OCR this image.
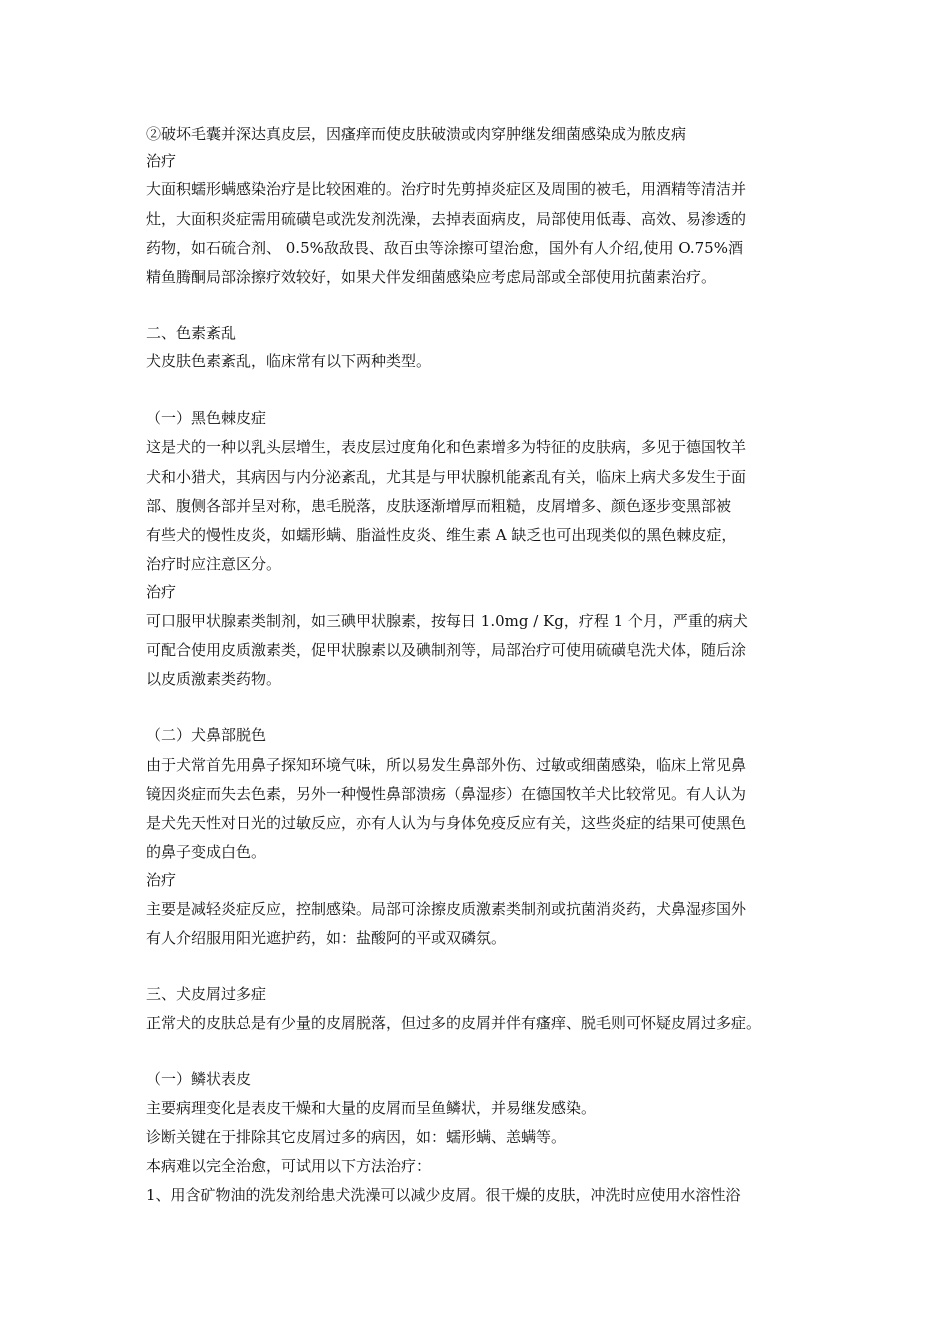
②破坏毛囊并深达真皮层，因瘙痒而使皮肤破溃或肉穿肿继发细菌感染成为脓皮病

治疗

大面积蠕形螨感染治疗是比较困难的。治疗时先剪掉炎症区及周围的被毛，用酒精等清洁并

灶，大面积炎症需用硫磺皂或洗发剂洗澡，去掉表面病皮，局部使用低毒、高效、易渗透的

药物，如石硫合剂、 0.5%敌敌畏、敌百虫等涂擦可望治愈，国外有人介绍,使用 O.75%酒

精鱼腾酮局部涂擦疗效较好，如果犬伴发细菌感染应考虑局部或全部使用抗菌素治疗。

二、色素紊乱

犬皮肤色素紊乱，临床常有以下两种类型。

（一）黑色棘皮症

这是犬的一种以乳头层增生，表皮层过度角化和色素增多为特征的皮肤病，多见于德国牧羊

犬和小猎犬，其病因与内分泌紊乱，尤其是与甲状腺机能紊乱有关，临床上病犬多发生于面

部、腹侧各部并呈对称，患毛脱落，皮肤逐渐增厚而粗糙，皮屑增多、颜色逐步变黑部被

有些犬的慢性皮炎，如蠕形螨、脂溢性皮炎、维生素 A 缺乏也可出现类似的黑色棘皮症，

治疗时应注意区分。

治疗

可口服甲状腺素类制剂，如三碘甲状腺素，按每日 1.0mg / Kg，疗程 1 个月，严重的病犬

可配合使用皮质激素类，促甲状腺素以及碘制剂等，局部治疗可使用硫磺皂洗犬体，随后涂

以皮质激素类药物。

（二）犬鼻部脱色

由于犬常首先用鼻子探知环境气味，所以易发生鼻部外伤、过敏或细菌感染，临床上常见鼻

镜因炎症而失去色素，另外一种慢性鼻部溃疡（鼻湿疹）在德国牧羊犬比较常见。有人认为

是犬先天性对日光的过敏反应，亦有人认为与身体免疫反应有关，这些炎症的结果可使黑色

的鼻子变成白色。

治疗

主要是减轻炎症反应，控制感染。局部可涂擦皮质激素类制剂或抗菌消炎药，犬鼻湿疹国外

有人介绍服用阳光遮护药，如：盐酸阿的平或双磷氛。

三、犬皮屑过多症

正常犬的皮肤总是有少量的皮屑脱落，但过多的皮屑并伴有瘙痒、脱毛则可怀疑皮屑过多症。

（一）鳞状表皮

主要病理变化是表皮干燥和大量的皮屑而呈鱼鳞状，并易继发感染。

诊断关键在于排除其它皮屑过多的病因，如：蠕形螨、恙螨等。

本病难以完全治愈，可试用以下方法治疗：

1、用含矿物油的洗发剂给患犬洗澡可以减少皮屑。很干燥的皮肤，冲洗时应使用水溶性浴
